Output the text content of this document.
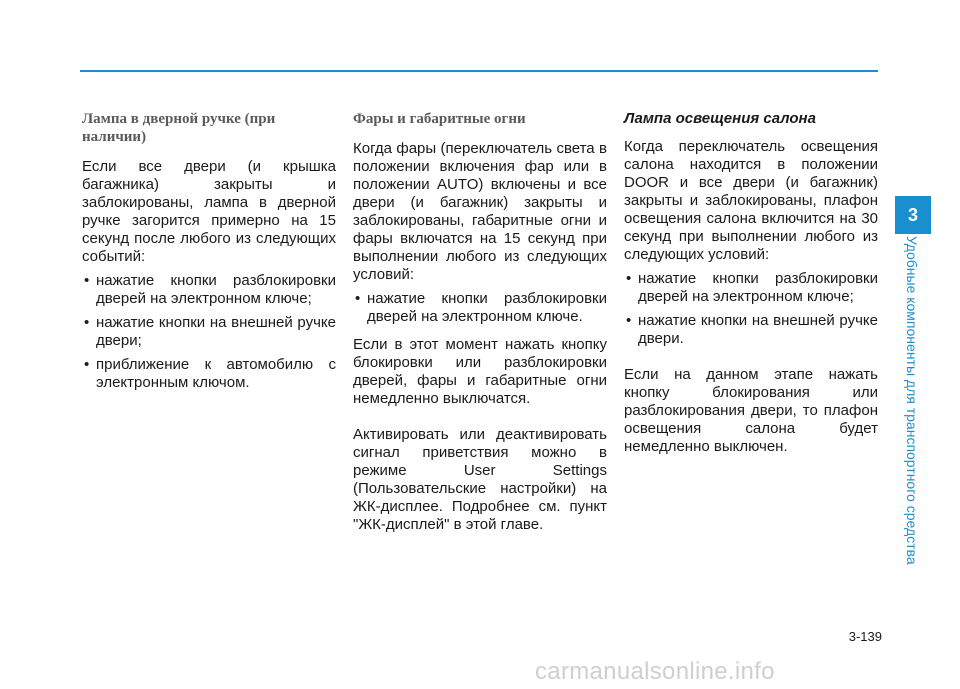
Лампа в дверной ручке (при наличии)

Если все двери (и крышка багажника) закрыты и заблокированы, лампа в дверной ручке загорится примерно на 15 секунд после любого из следующих событий:

• нажатие кнопки разблокировки дверей на электронном ключе;
• нажатие кнопки на внешней ручке двери;
• приближение к автомобилю с электронным ключом.
Фары и габаритные огни

Когда фары (переключатель света в положении включения фар или в положении AUTO) включены и все двери (и багажник) закрыты и заблокированы, габаритные огни и фары включатся на 15 секунд при выполнении любого из следующих условий:

• нажатие кнопки разблокировки дверей на электронном ключе.

Если в этот момент нажать кнопку блокировки или разблокировки дверей, фары и габаритные огни немедленно выключатся.

Активировать или деактивировать сигнал приветствия можно в режиме User Settings (Пользовательские настройки) на ЖК-дисплее. Подробнее см. пункт "ЖК-дисплей" в этой главе.

Лампа освещения салона

Когда переключатель освещения салона находится в положении DOOR и все двери (и багажник) закрыты и заблокированы, плафон освещения салона включится на 30 секунд при выполнении любого из следующих условий:

• нажатие кнопки разблокировки дверей на электронном ключе;
• нажатие кнопки на внешней ручке двери.

Если на данном этапе нажать кнопку блокирования или разблокирования двери, то плафон освещения салона будет немедленно выключен.

3
Удобные компоненты для транспортного средства
3-139
carmanualsonline.info
